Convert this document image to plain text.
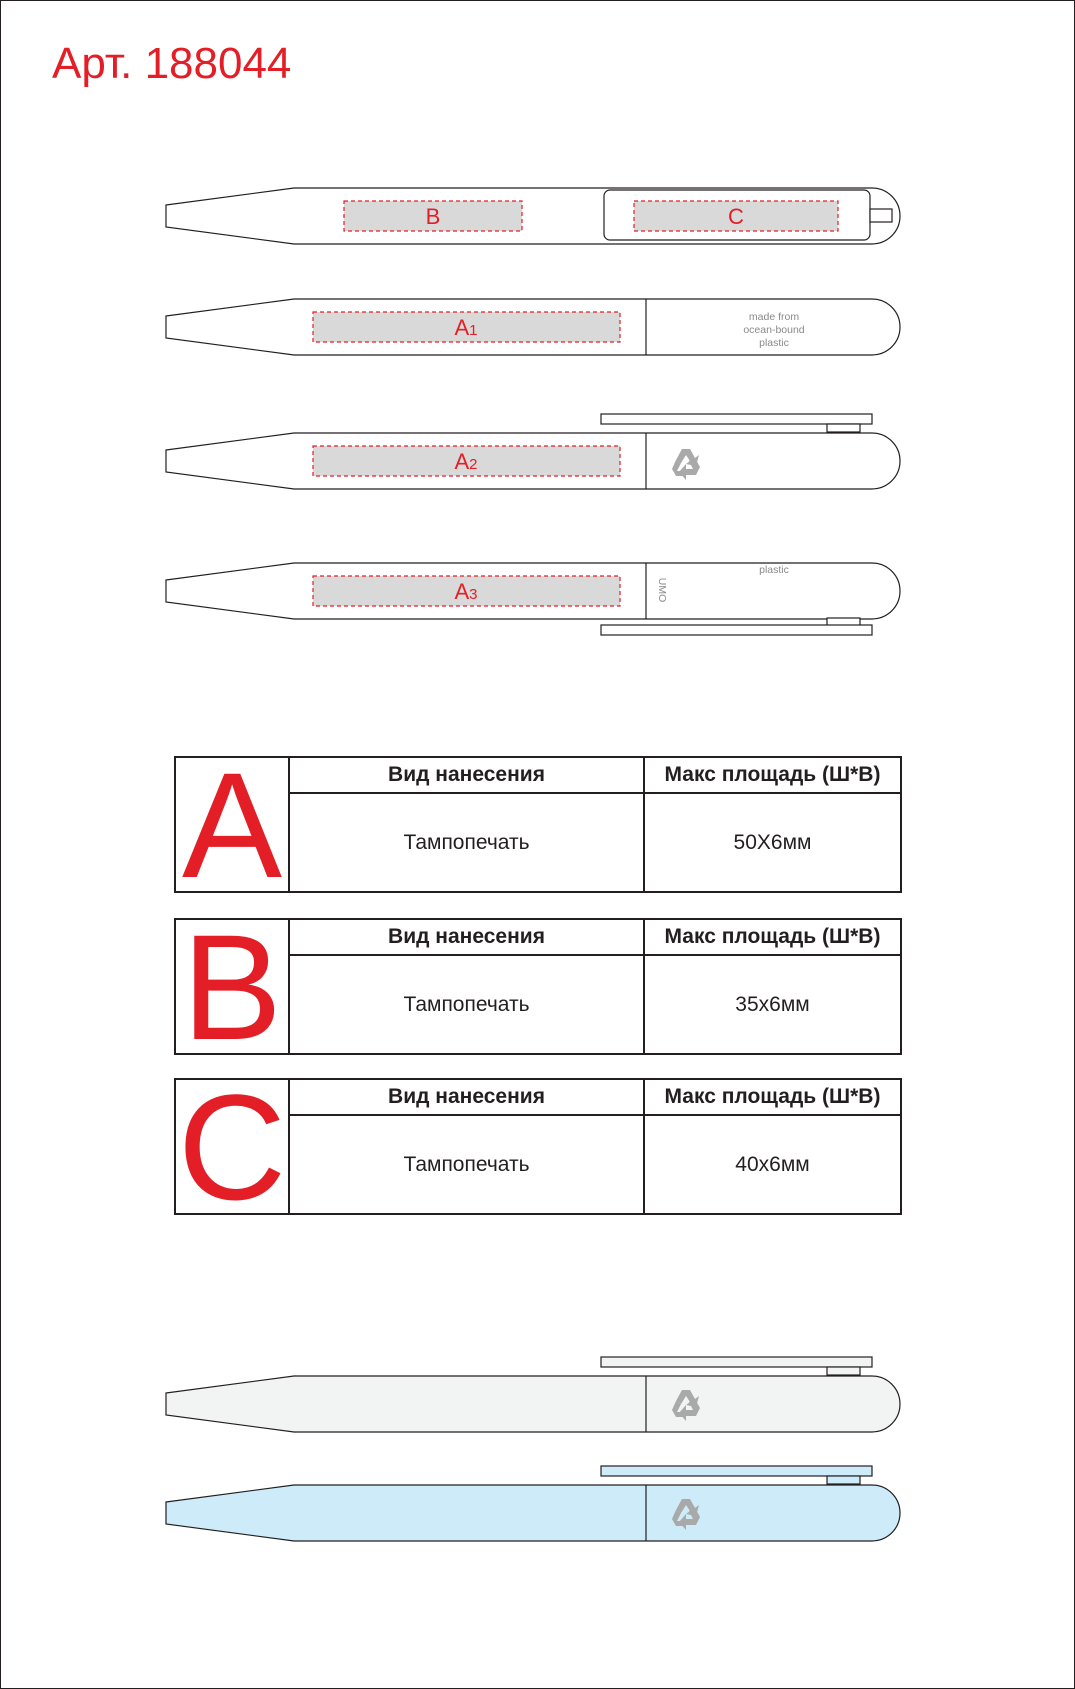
Арт. 188044
B	C
A1
made from
ocean-bound
plastic
A2
A3	UMO
plastic
A	Вид нанесения	Макс площадь (Ш*В)
Тампопечать	50Х6мм
B	Вид нанесения	Макс площадь (Ш*В)
Тампопечать	35х6мм
C	Вид нанесения	Макс площадь (Ш*В)
Тампопечать	40х6мм
